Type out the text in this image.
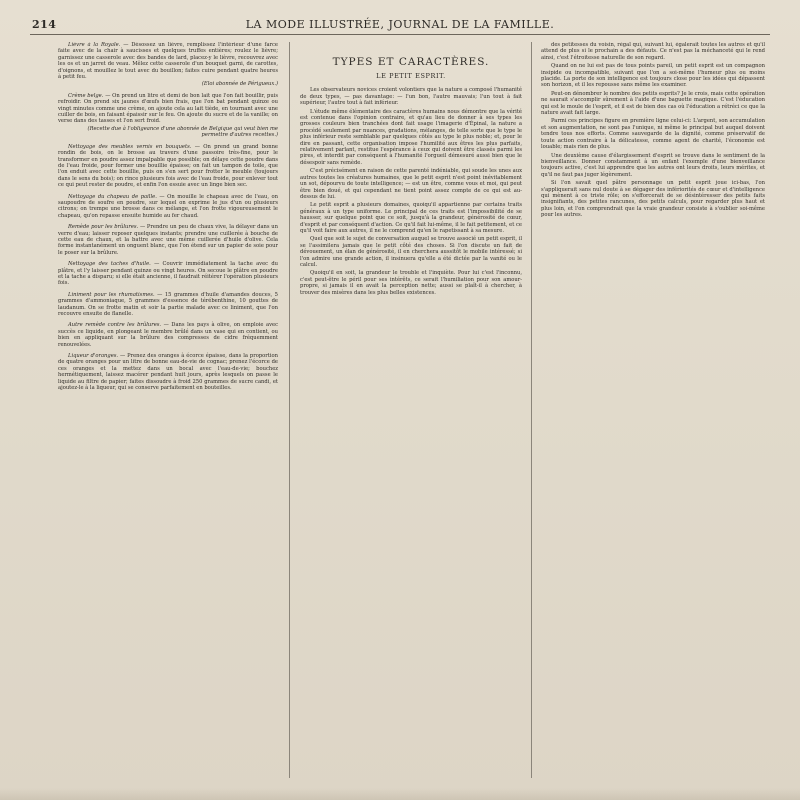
214	LA MODE ILLUSTRÉE, JOURNAL DE LA FAMILLE.

Lièvre à la Royale. — Désossez un lièvre, remplissez l'intérieur d'une farce faite avec de la chair à saucisses et quelques truffes entières; roulez le lièvre; garnissez une casserole avec des bandes de lard, placez-y le lièvre, recouvrez avec les os et un jarret de veau. Mêlez cette casserole d'un bouquet garni, de carottes, d'oignons, et mouillez le tout avec du bouillon; faites cuire pendant quatre heures à petit feu.
(Eloi abonnée de Périgueux.)

Crème belge. — On prend un litre et demi de bon lait que l'on fait bouillir, puis refroidir. On prend six jaunes d'œufs bien frais, que l'on bat pendant quinze ou vingt minutes comme une crème, on ajoute cela au lait tiède, en tournant avec une cuiller de bois, en faisant épaissir sur le feu. On ajoute du sucre et de la vanille; on verse dans des tasses et l'on sert froid.
(Recette due à l'obligeance d'une abonnée de Belgique qui veut bien me permettre d'autres recettes.)

Nettoyage des meubles vernis en bouquets. — On prend un grand bonne rondin de bois, on le brosse au travers d'une passoire très-fine, pour le transformer en poudre assez impalpable que possible; on délaye cette poudre dans de l'eau froide, pour former une bouillie épaisse; on fait un tampon de toile, que l'on enduit avec cette bouillie, puis on s'en sert pour frotter le meuble (toujours dans le sens du bois); on rince plusieurs fois avec de l'eau froide, pour enlever tout ce qui peut rester de poudre, et enfin l'on essuie avec un linge bien sec.

Nettoyage du chapeau de paille. — On mouille le chapeau avec de l'eau, on saupoudre de soufre en poudre, sur lequel on exprime le jus d'un ou plusieurs citrons; on trempe une brosse dans ce mélange, et l'on frotte vigoureusement le chapeau, qu'on repasse ensuite humide au fer chaud.

Remède pour les brûlures. — Prendre un peu de chaux vive, la délayer dans un verre d'eau; laisser reposer quelques instants; prendre une cuillerée à bouche de cette eau de chaux, et la battre avec une même cuillerée d'huile d'olive. Cela forme instantanément un onguent blanc, que l'on étend sur un papier de soie pour le poser sur la brûlure.

Nettoyage des taches d'huile. — Couvrir immédiatement la tache avec du plâtre, et l'y laisser pendant quinze ou vingt heures. On secoue le plâtre en poudre et la tache a disparu; si elle était ancienne, il faudrait réitérer l'opération plusieurs fois.

Liniment pour les rhumatismes. — 15 grammes d'huile d'amandes douces, 5 grammes d'ammoniaque, 5 grammes d'essence de térébenthine, 10 gouttes de laudanum. On se frotte matin et soir la partie malade avec ce liniment, que l'on recouvre ensuite de flanelle.

Autre remède contre les brûlures. — Dans les pays à olive, on emploie avec succès ce liquide, en plongeant le membre brûlé dans un vase qui en contient, ou bien en appliquant sur la brûlure des compresses de cidre fréquemment renouvelées.

Liqueur d'oranges. — Prenez des oranges à écorce épaisse, dans la proportion de quatre oranges pour un litre de bonne eau-de-vie de cognac; prenez l'écorce de ces oranges et la mettez dans un bocal avec l'eau-de-vie; bouchez hermétiquement, laissez macérer pendant huit jours, après lesquels on passe le liquide au filtre de papier; faites dissoudre à froid 250 grammes de sucre candi, et ajoutez-le à la liqueur, qui se conserve parfaitement en bouteilles.

TYPES ET CARACTÈRES.
LE PETIT ESPRIT.

Les observateurs novices croient volontiers que la nature a composé l'humanité de deux types, — pas davantage: — l'un bon, l'autre mauvais; l'un tout à fait supérieur, l'autre tout à fait inférieur.

L'étude même élémentaire des caractères humains nous démontre que la vérité est contenue dans l'opinion contraire, et qu'au lieu de donner à ses types les grosses couleurs bien tranchées dont fait usage l'imagerie d'Épinal, la nature a procédé seulement par nuances, gradations, mélanges, de telle sorte que le type le plus inférieur reste semblable par quelques côtés au type le plus noble; et, pour le dire en passant, cette organisation impose l'humilité aux êtres les plus parfaits, relativement parlant, restitue l'espérance à ceux qui doivent être classés parmi les pires, et interdit par conséquent à l'humanité l'orgueil démesuré aussi bien que le désespoir sans remède.

C'est précisément en raison de cette parenté indéniable, qui soude les unes aux autres toutes les créatures humaines, que le petit esprit n'est point inévitablement un sot, dépourvu de toute intelligence; — est un être, comme vous et moi, qui peut être bien doué, et qui cependant ne tient point assez compte de ce qui est au-dessus de lui.

Le petit esprit a plusieurs domaines, quoiqu'il appartienne par certains traits généraux à un type uniforme. Le principal de ces traits est l'impossibilité de se hausser, sur quelque point que ce soit, jusqu'à la grandeur, générosité de cœur, d'esprit et par conséquent d'action. Ce qu'il fait lui-même, il le fait petitement, et ce qu'il voit faire aux autres, il ne le comprend qu'en le rapetissant à sa mesure.

Quel que soit le sujet de conversation auquel se trouve associé un petit esprit, il se l'assimilera jamais que le petit côté des choses. Si l'on discute un fait de dévouement, un élan de générosité, il en cherchera aussitôt le mobile intéressé; si l'on admire une grande action, il insinuera qu'elle a été dictée par la vanité ou le calcul.

Quoiqu'il en soit, la grandeur le trouble et l'inquiète. Pour lui c'est l'inconnu, c'est peut-être le péril pour ses intérêts, ce serait l'humiliation pour son amour-propre, si jamais il en avait la perception nette; aussi se plaît-il à chercher, à trouver des misères dans les plus belles existences.

des petitesses du voisin, régal qui, suivant lui, égalerait toutes les autres et qu'il attend de plus si le prochain a des défauts. Ce n'est pas la méchanceté qui le rend ainsi, c'est l'étroitesse naturelle de son regard.

Quand on ne lui est pas de tous points pareil, un petit esprit est un compagnon insipide ou incompatible, suivant que l'on a soi-même l'humeur plus ou moins placide. La porte de son intelligence est toujours close pour les idées qui dépassent son horizon, et il les repousse sans même les examiner.

Peut-on dénombrer le nombre des petits esprits? Je le crois, mais cette opération ne saurait s'accomplir sûrement à l'aide d'une baguette magique. C'est l'éducation qui est le moule de l'esprit, et il est de bien des cas où l'éducation a rétréci ce que la nature avait fait large.

Parmi ces principes figure en première ligne celui-ci: L'argent, son accumulation et son augmentation, ne sont pas l'unique, ni même le principal but auquel doivent tendre tous nos efforts. Comme sauvegarde de la dignité, comme préservatif de toute action contraire à la délicatesse, comme agent de charité, l'économie est louable; mais rien de plus.

Une deuxième cause d'élargissement d'esprit se trouve dans le sentiment de la bienveillance. Donner constamment à un enfant l'exemple d'une bienveillance toujours active, c'est lui apprendre que les autres ont leurs droits, leurs mérites, et qu'il ne faut pas juger légèrement.

Si l'on savait quel pâtre personnage un petit esprit joue ici-bas, l'on s'appliquerait sans nul doute à se dégager des infériorités de cœur et d'intelligence qui mènent à ce triste rôle; on s'efforcerait de se désintéresser des petits faits insignifiants, des petites rancunes, des petits calculs, pour regarder plus haut et plus loin, et l'on comprendrait que la vraie grandeur consiste à s'oublier soi-même pour les autres.
